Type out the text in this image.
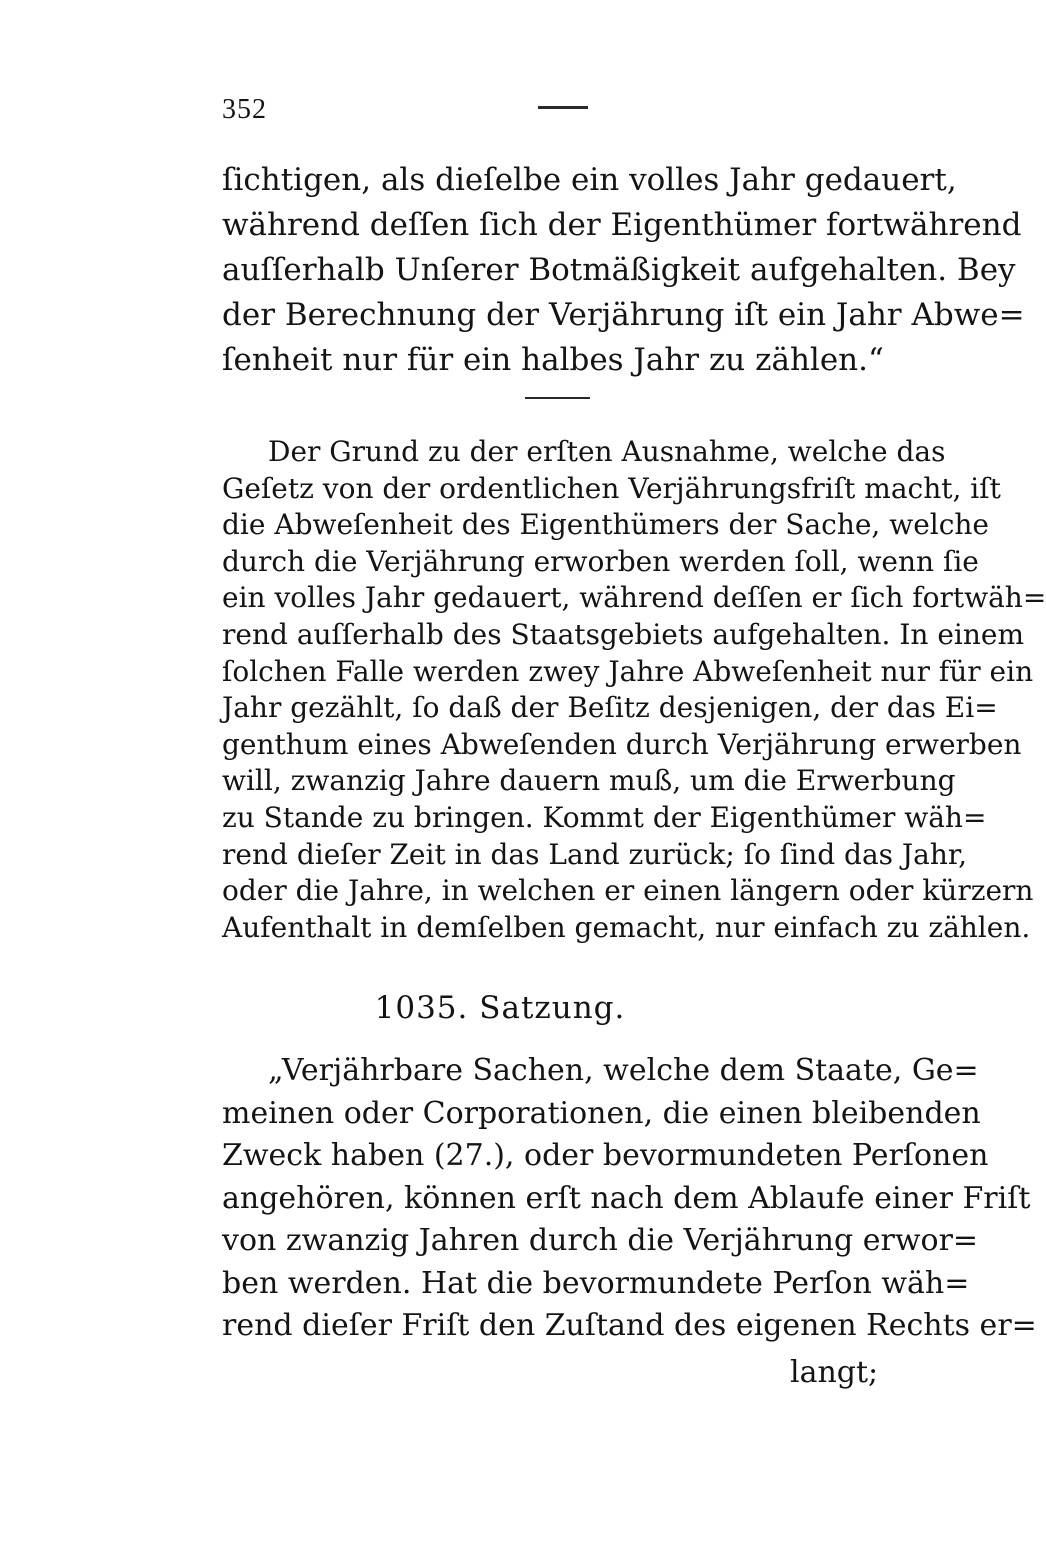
352
ſichtigen, als dieſelbe ein volles Jahr gedauert,
während deſſen ſich der Eigenthümer fortwährend
auſſerhalb Unſerer Botmäßigkeit aufgehalten. Bey
der Berechnung der Verjährung iſt ein Jahr Abwe=
ſenheit nur für ein halbes Jahr zu zählen.“
Der Grund zu der erſten Ausnahme, welche das
Geſetz von der ordentlichen Verjährungsfriſt macht, iſt
die Abweſenheit des Eigenthümers der Sache, welche
durch die Verjährung erworben werden ſoll, wenn ſie
ein volles Jahr gedauert, während deſſen er ſich fortwäh=
rend auſſerhalb des Staatsgebiets aufgehalten. In einem
ſolchen Falle werden zwey Jahre Abweſenheit nur für ein
Jahr gezählt, ſo daß der Beſitz desjenigen, der das Ei=
genthum eines Abweſenden durch Verjährung erwerben
will, zwanzig Jahre dauern muß, um die Erwerbung
zu Stande zu bringen. Kommt der Eigenthümer wäh=
rend dieſer Zeit in das Land zurück; ſo ſind das Jahr,
oder die Jahre, in welchen er einen längern oder kürzern
Aufenthalt in demſelben gemacht, nur einfach zu zählen.
1035. Satzung.
„Verjährbare Sachen, welche dem Staate, Ge=
meinen oder Corporationen, die einen bleibenden
Zweck haben (27.), oder bevormundeten Perſonen
angehören, können erſt nach dem Ablaufe einer Friſt
von zwanzig Jahren durch die Verjährung erwor=
ben werden. Hat die bevormundete Perſon wäh=
rend dieſer Friſt den Zuſtand des eigenen Rechts er=
langt;
